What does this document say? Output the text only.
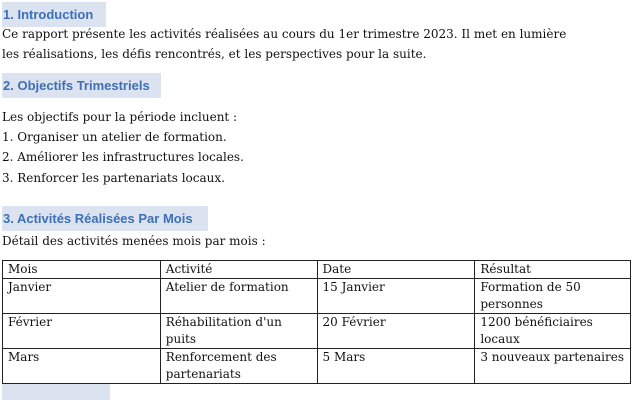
1. Introduction
Ce rapport présente les activités réalisées au cours du 1er trimestre 2023. Il met en lumière
les réalisations, les défis rencontrés, et les perspectives pour la suite.
2. Objectifs Trimestriels
Les objectifs pour la période incluent :
1. Organiser un atelier de formation.
2. Améliorer les infrastructures locales.
3. Renforcer les partenariats locaux.
3. Activités Réalisées Par Mois
Détail des activités menées mois par mois :
Mois	Activité	Date	Résultat
Janvier	Atelier de formation	15 Janvier	Formation de 50 personnes
Février	Réhabilitation d'un puits	20 Février	1200 bénéficiaires locaux
Mars	Renforcement des partenariats	5 Mars	3 nouveaux partenaires
